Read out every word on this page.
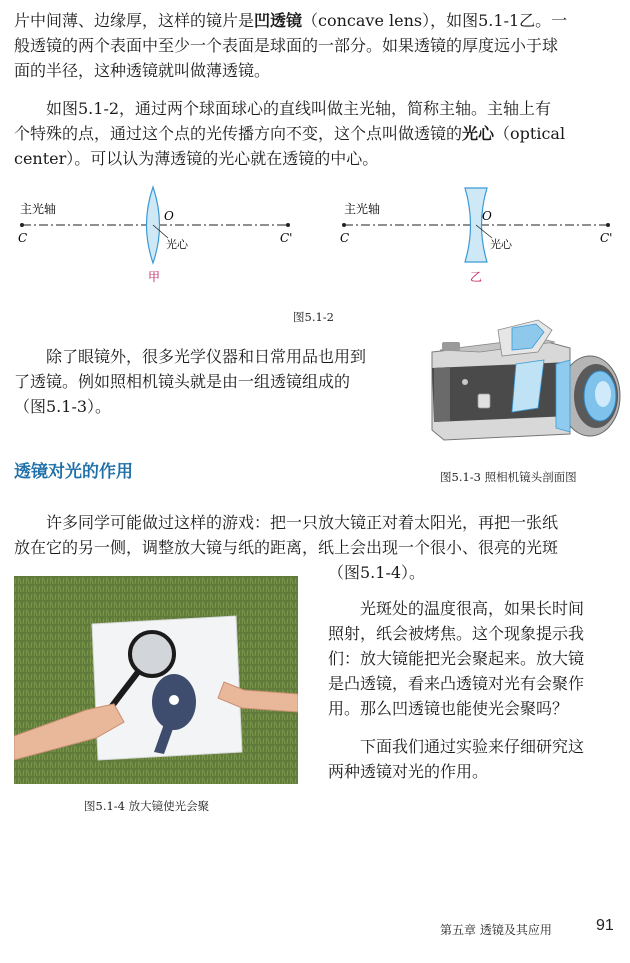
片中间薄、边缘厚，这样的镜片是凹透镜（concave lens），如图5.1-1乙。一
般透镜的两个表面中至少一个表面是球面的一部分。如果透镜的厚度远小于球
面的半径，这种透镜就叫做薄透镜。
如图5.1-2，通过两个球面球心的直线叫做主光轴，简称主轴。主轴上有
个特殊的点，通过这个点的光传播方向不变，这个点叫做透镜的光心（optical
center）。可以认为薄透镜的光心就在透镜的中心。
主光轴
C	C'
O
光心
甲
主光轴
C	C'
O
光心
乙
图5.1-2
除了眼镜外，很多光学仪器和日常用品也用到
了透镜。例如照相机镜头就是由一组透镜组成的
（图5.1-3）。
图5.1-3 照相机镜头剖面图
透镜对光的作用
许多同学可能做过这样的游戏：把一只放大镜正对着太阳光，再把一张纸
放在它的另一侧，调整放大镜与纸的距离，纸上会出现一个很小、很亮的光斑
（图5.1-4）。
图5.1-4 放大镜使光会聚
光斑处的温度很高，如果长时间
照射，纸会被烤焦。这个现象提示我
们：放大镜能把光会聚起来。放大镜
是凸透镜，看来凸透镜对光有会聚作
用。那么凹透镜也能使光会聚吗？
下面我们通过实验来仔细研究这
两种透镜对光的作用。
第五章 透镜及其应用	91
